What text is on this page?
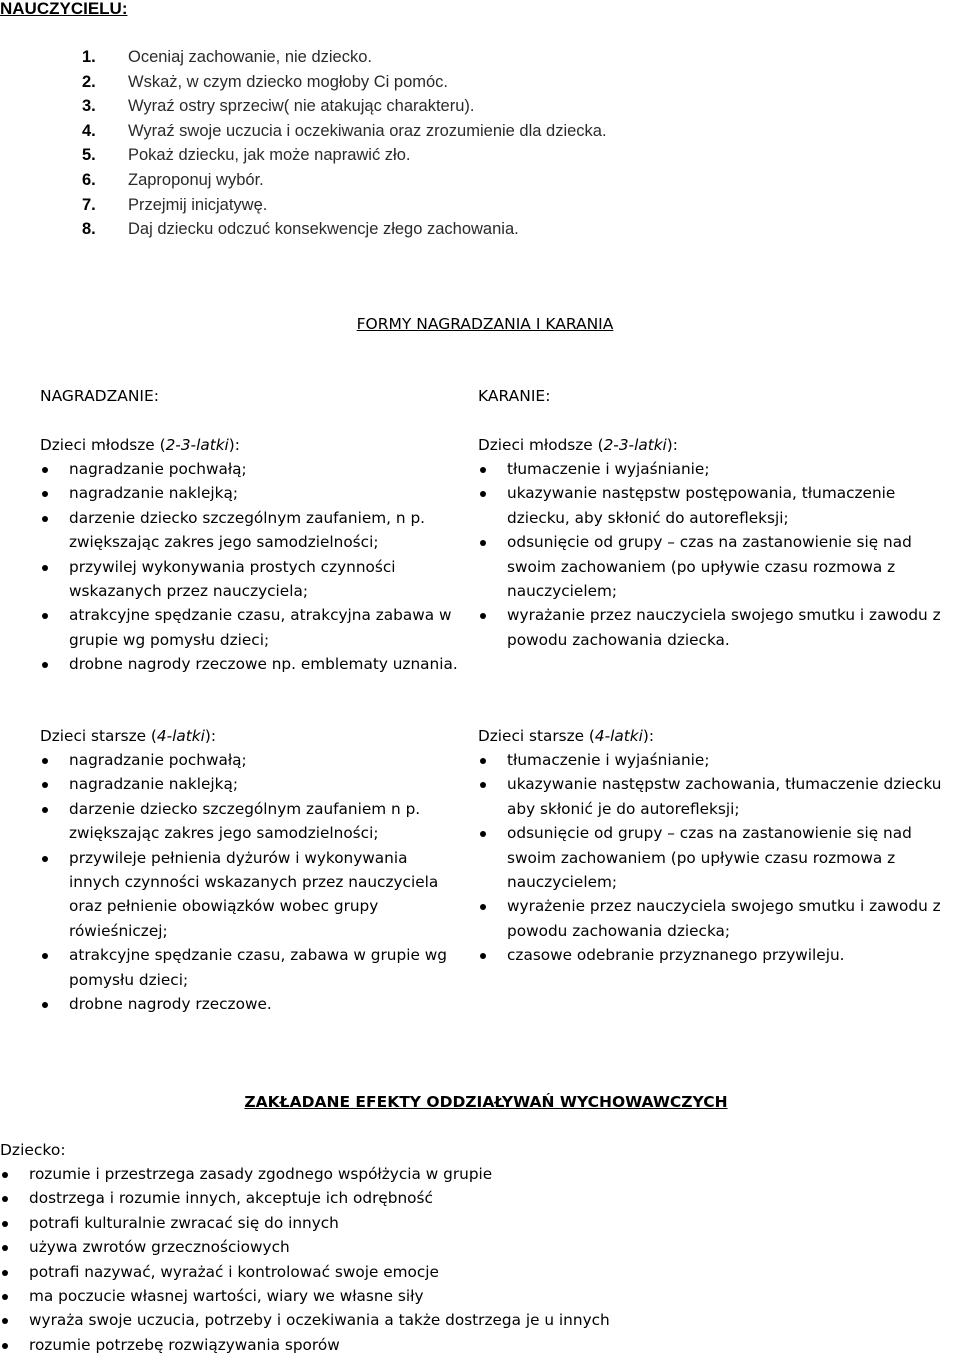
NAUCZYCIELU:
1. Oceniaj zachowanie, nie dziecko.
2. Wskaż, w czym dziecko mogłoby Ci pomóc.
3. Wyraź ostry sprzeciw( nie atakując charakteru).
4. Wyraź swoje uczucia i oczekiwania oraz zrozumienie dla dziecka.
5. Pokaż dziecku, jak może naprawić zło.
6. Zaproponuj wybór.
7. Przejmij inicjatywę.
8. Daj dziecku odczuć konsekwencje złego zachowania.
FORMY NAGRADZANIA I KARANIA
NAGRADZANIE:
Dzieci młodsze (2-3-latki):
nagradzanie pochwałą;
nagradzanie naklejką;
darzenie dziecko szczególnym zaufaniem, n p. zwiększając zakres jego samodzielności;
przywilej wykonywania prostych czynności wskazanych przez nauczyciela;
atrakcyjne spędzanie czasu, atrakcyjna zabawa w grupie wg pomysłu dzieci;
drobne nagrody rzeczowe np. emblematy uznania.
Dzieci starsze (4-latki):
nagradzanie pochwałą;
nagradzanie naklejką;
darzenie dziecko szczególnym zaufaniem n p. zwiększając zakres jego samodzielności;
przywileje pełnienia dyżurów i wykonywania innych czynności wskazanych przez nauczyciela oraz pełnienie obowiązków wobec grupy rówieśniczej;
atrakcyjne spędzanie czasu, zabawa w grupie wg pomysłu dzieci;
drobne nagrody rzeczowe.
KARANIE:
Dzieci młodsze (2-3-latki):
tłumaczenie i wyjaśnianie;
ukazywanie następstw postępowania, tłumaczenie dziecku, aby skłonić do autorefleksji;
odsunięcie od grupy – czas na zastanowienie się nad swoim zachowaniem (po upływie czasu rozmowa z nauczycielem;
wyrażanie przez nauczyciela swojego smutku i zawodu z powodu zachowania dziecka.
Dzieci starsze (4-latki):
tłumaczenie i wyjaśnianie;
ukazywanie następstw zachowania, tłumaczenie dziecku aby skłonić je do autorefleksji;
odsunięcie od grupy – czas na zastanowienie się nad swoim zachowaniem (po upływie czasu rozmowa z nauczycielem;
wyrażenie przez nauczyciela swojego smutku i zawodu z powodu zachowania dziecka;
czasowe odebranie przyznanego przywileju.
ZAKŁADANE EFEKTY ODDZIAŁYWAŃ WYCHOWAWCZYCH
Dziecko:
rozumie i przestrzega zasady zgodnego współżycia w grupie
dostrzega i rozumie innych, akceptuje ich odrębność
potrafi kulturalnie zwracać się do innych
używa zwrotów grzecznościowych
potrafi nazywać, wyrażać i kontrolować swoje emocje
ma poczucie własnej wartości, wiary we własne siły
wyraża swoje uczucia, potrzeby i oczekiwania a także dostrzega je u innych
rozumie potrzebę rozwiązywania sporów
